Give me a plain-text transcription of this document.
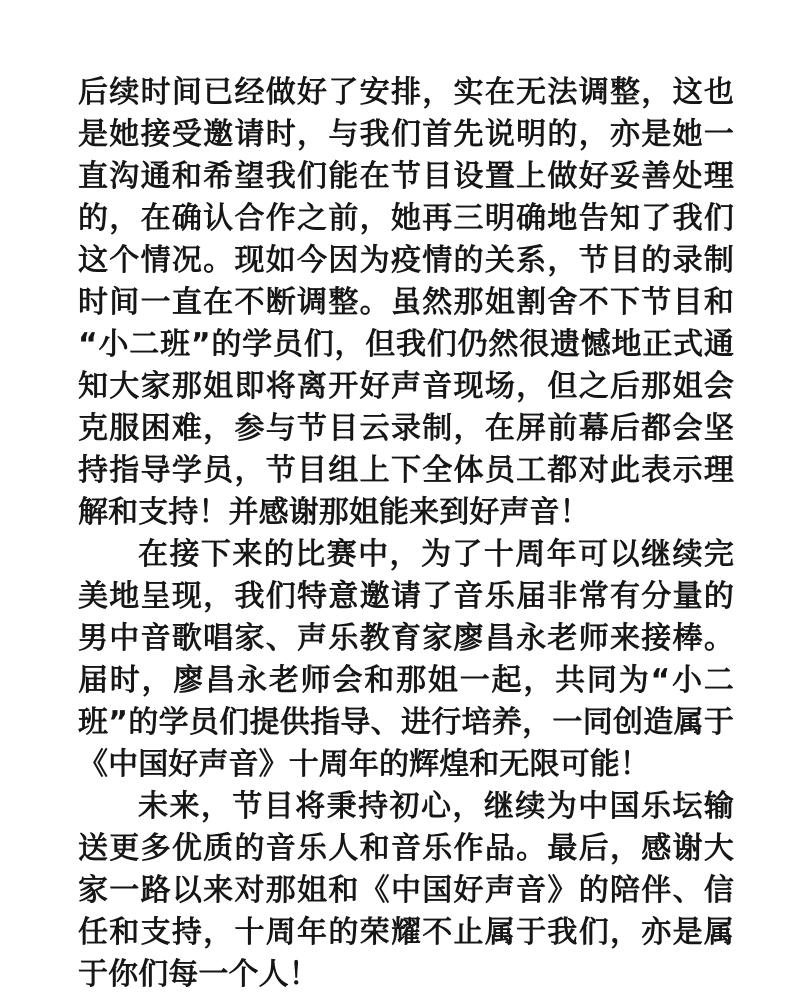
后续时间已经做好了安排，实在无法调整，这也是她接受邀请时，与我们首先说明的，亦是她一直沟通和希望我们能在节目设置上做好妥善处理的，在确认合作之前，她再三明确地告知了我们这个情况。现如今因为疫情的关系，节目的录制时间一直在不断调整。虽然那姐割舍不下节目和“小二班”的学员们，但我们仍然很遗憾地正式通知大家那姐即将离开好声音现场，但之后那姐会克服困难，参与节目云录制，在屏前幕后都会坚持指导学员，节目组上下全体员工都对此表示理解和支持！并感谢那姐能来到好声音！

在接下来的比赛中，为了十周年可以继续完美地呈现，我们特意邀请了音乐届非常有分量的男中音歌唱家、声乐教育家廖昌永老师来接棒。届时，廖昌永老师会和那姐一起，共同为“小二班”的学员们提供指导、进行培养，一同创造属于《中国好声音》十周年的辉煌和无限可能！

未来，节目将秉持初心，继续为中国乐坛输送更多优质的音乐人和音乐作品。最后，感谢大家一路以来对那姐和《中国好声音》的陪伴、信任和支持，十周年的荣耀不止属于我们，亦是属于你们每一个人！
